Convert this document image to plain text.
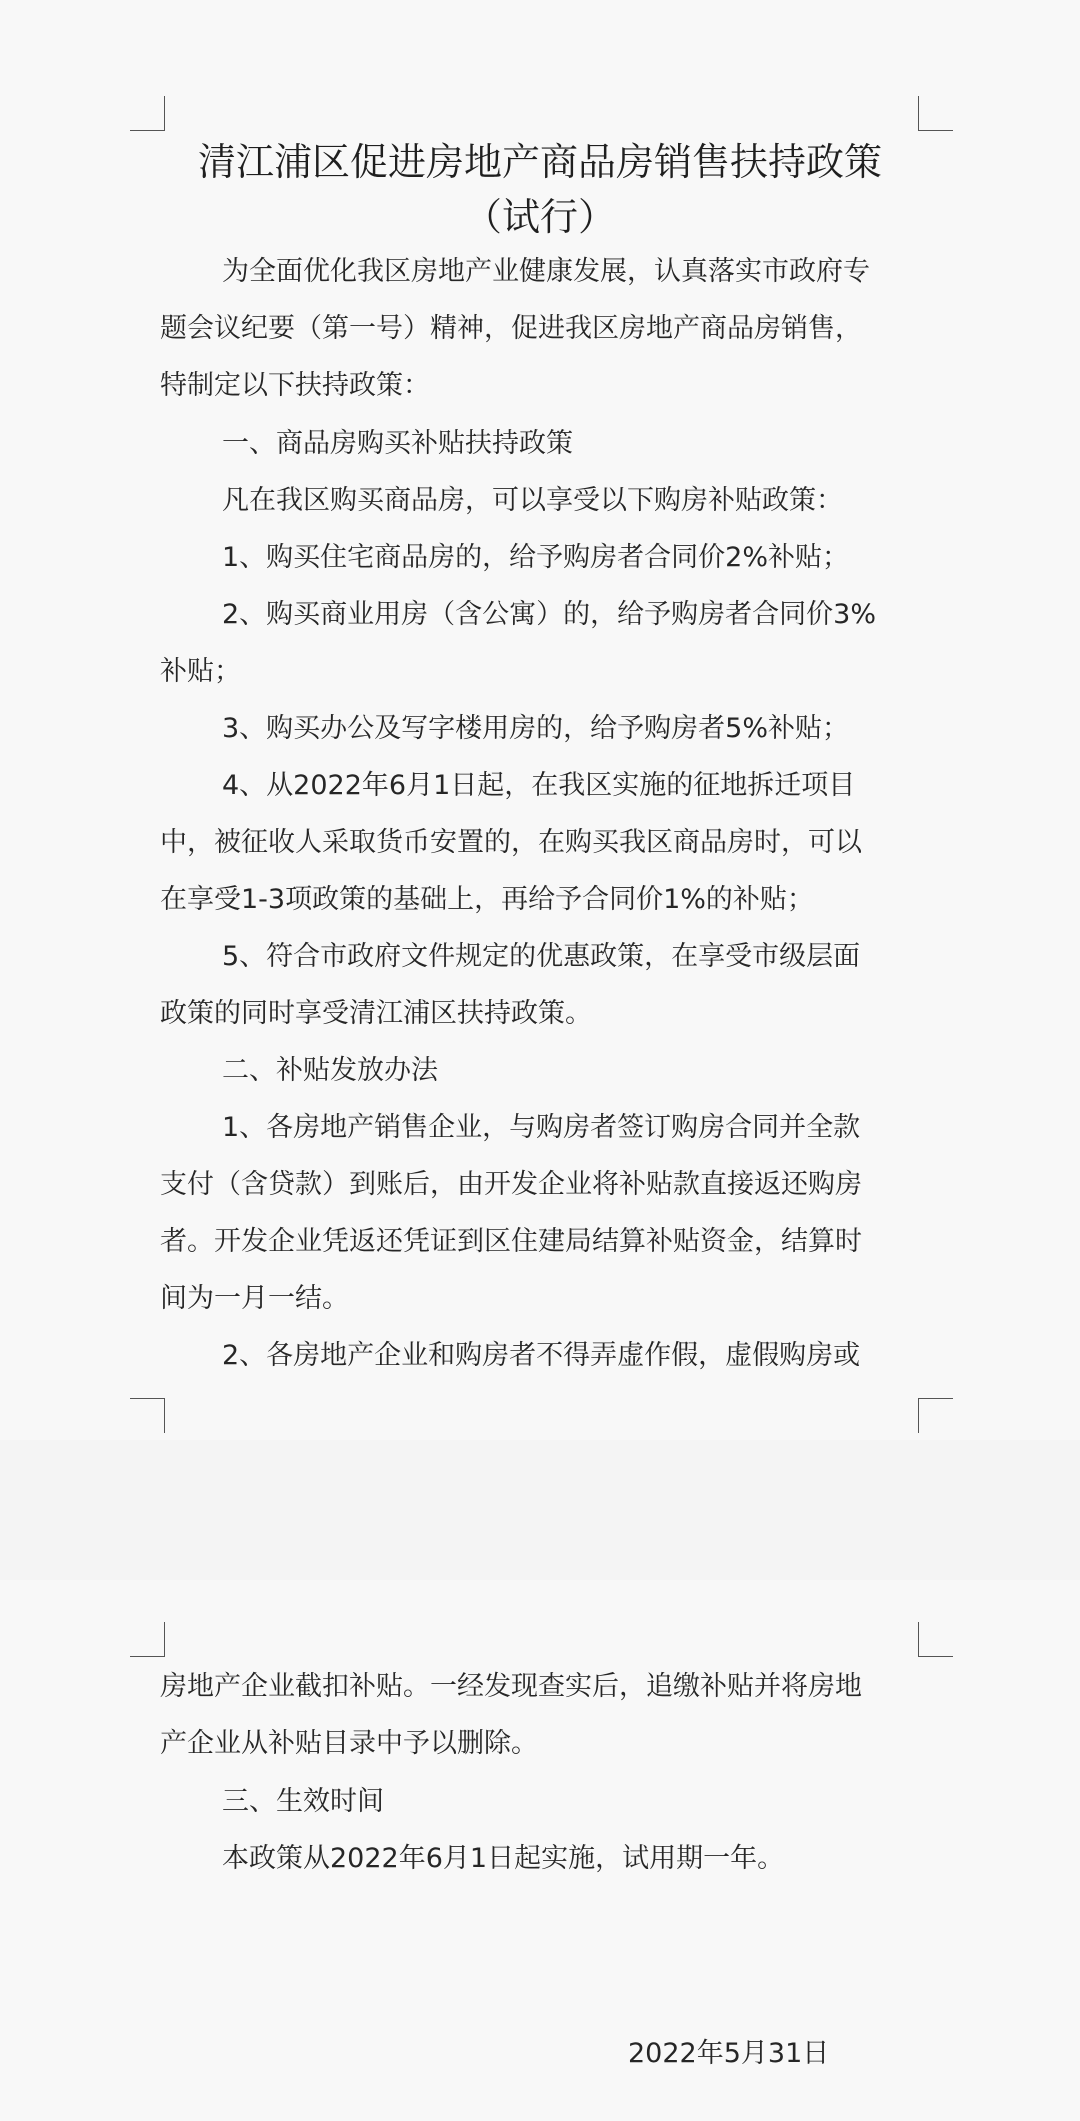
清江浦区促进房地产商品房销售扶持政策
（试行）
为全面优化我区房地产业健康发展，认真落实市政府专
题会议纪要（第一号）精神，促进我区房地产商品房销售，
特制定以下扶持政策：
一、商品房购买补贴扶持政策
凡在我区购买商品房，可以享受以下购房补贴政策：
1、购买住宅商品房的，给予购房者合同价2%补贴；
2、购买商业用房（含公寓）的，给予购房者合同价3%
补贴；
3、购买办公及写字楼用房的，给予购房者5%补贴；
4、从2022年6月1日起，在我区实施的征地拆迁项目
中，被征收人采取货币安置的，在购买我区商品房时，可以
在享受1-3项政策的基础上，再给予合同价1%的补贴；
5、符合市政府文件规定的优惠政策，在享受市级层面
政策的同时享受清江浦区扶持政策。
二、补贴发放办法
1、各房地产销售企业，与购房者签订购房合同并全款
支付（含贷款）到账后，由开发企业将补贴款直接返还购房
者。开发企业凭返还凭证到区住建局结算补贴资金，结算时
间为一月一结。
2、各房地产企业和购房者不得弄虚作假，虚假购房或
房地产企业截扣补贴。一经发现查实后，追缴补贴并将房地
产企业从补贴目录中予以删除。
三、生效时间
本政策从2022年6月1日起实施，试用期一年。
2022年5月31日
